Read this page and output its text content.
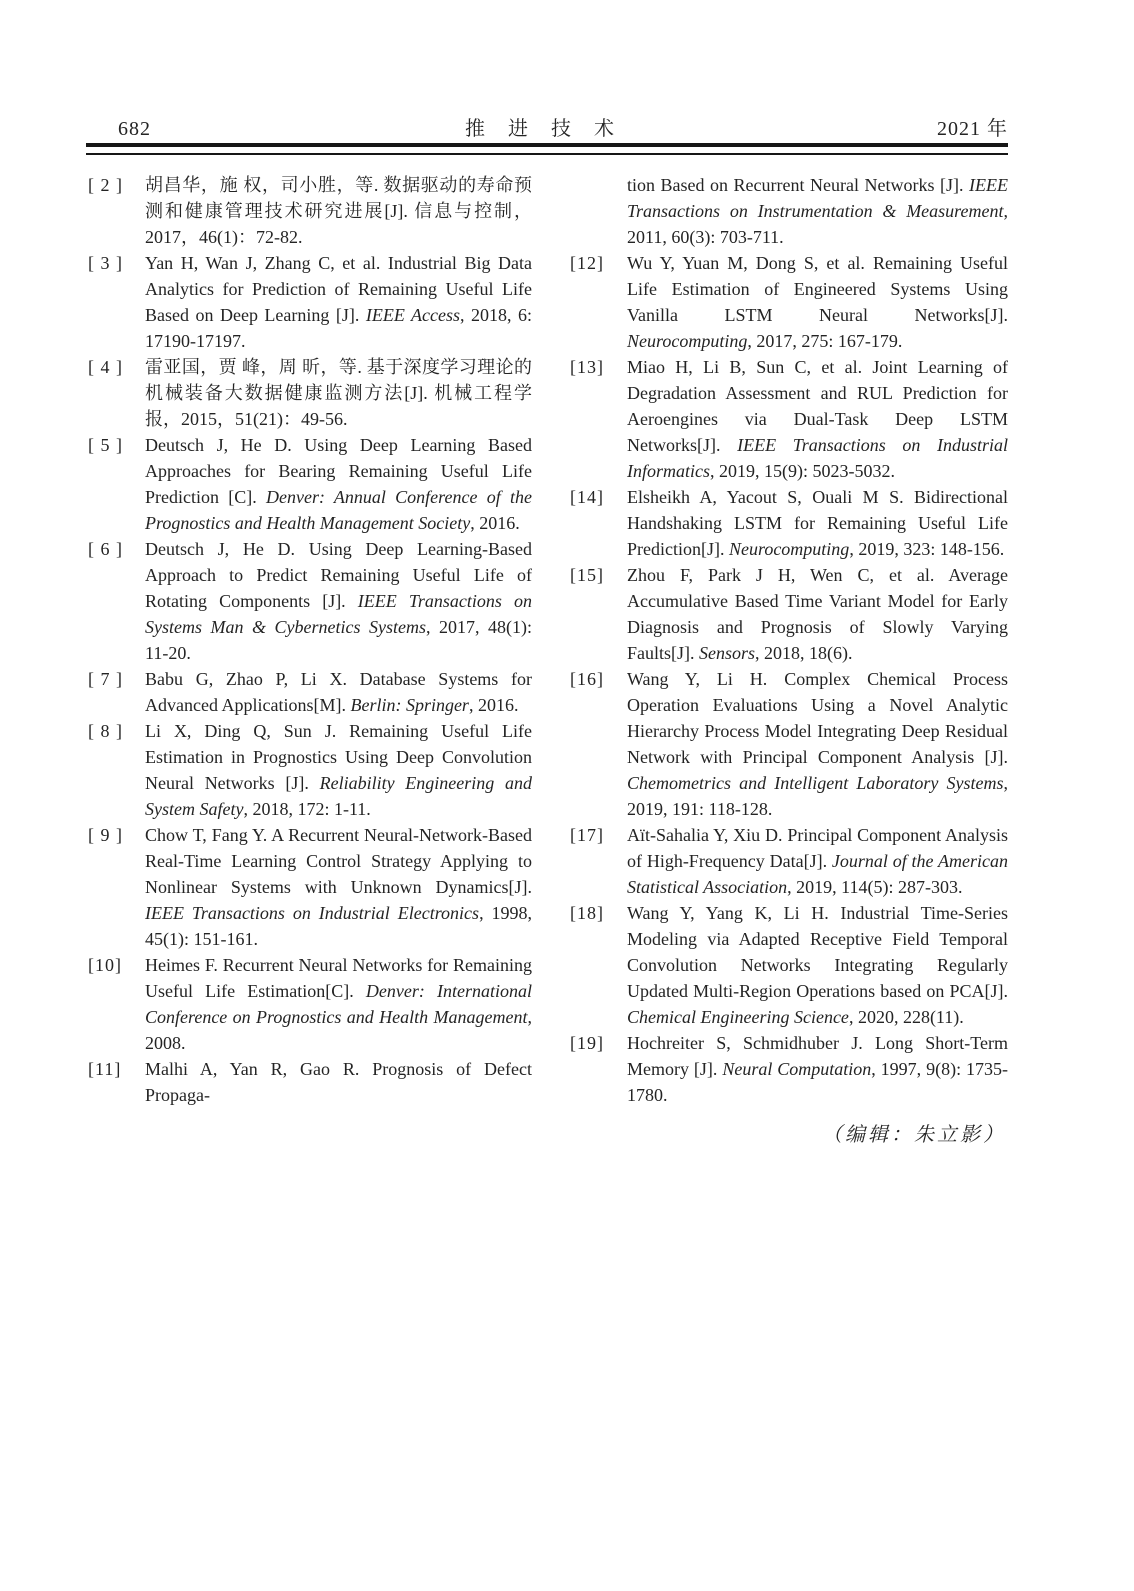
682	推 进 技 术	2021 年
[ 2 ]	胡昌华，施 权，司小胜，等. 数据驱动的寿命预测和健康管理技术研究进展[J]. 信息与控制，2017，46(1)：72-82.
[ 3 ]	Yan H, Wan J, Zhang C, et al. Industrial Big Data Analytics for Prediction of Remaining Useful Life Based on Deep Learning [J]. IEEE Access, 2018, 6: 17190-17197.
[ 4 ]	雷亚国，贾 峰，周 昕，等. 基于深度学习理论的机械装备大数据健康监测方法[J]. 机械工程学报，2015，51(21)：49-56.
[ 5 ]	Deutsch J, He D. Using Deep Learning Based Approaches for Bearing Remaining Useful Life Prediction [C]. Denver: Annual Conference of the Prognostics and Health Management Society, 2016.
[ 6 ]	Deutsch J, He D. Using Deep Learning-Based Approach to Predict Remaining Useful Life of Rotating Components [J]. IEEE Transactions on Systems Man & Cybernetics Systems, 2017, 48(1): 11-20.
[ 7 ]	Babu G, Zhao P, Li X. Database Systems for Advanced Applications[M]. Berlin: Springer, 2016.
[ 8 ]	Li X, Ding Q, Sun J. Remaining Useful Life Estimation in Prognostics Using Deep Convolution Neural Networks [J]. Reliability Engineering and System Safety, 2018, 172: 1-11.
[ 9 ]	Chow T, Fang Y. A Recurrent Neural-Network-Based Real-Time Learning Control Strategy Applying to Nonlinear Systems with Unknown Dynamics[J]. IEEE Transactions on Industrial Electronics, 1998, 45(1): 151-161.
[10]	Heimes F. Recurrent Neural Networks for Remaining Useful Life Estimation[C]. Denver: International Conference on Prognostics and Health Management, 2008.
[11]	Malhi A, Yan R, Gao R. Prognosis of Defect Propaga-
tion Based on Recurrent Neural Networks [J]. IEEE Transactions on Instrumentation & Measurement, 2011, 60(3): 703-711.
[12]	Wu Y, Yuan M, Dong S, et al. Remaining Useful Life Estimation of Engineered Systems Using Vanilla LSTM Neural Networks[J]. Neurocomputing, 2017, 275: 167-179.
[13]	Miao H, Li B, Sun C, et al. Joint Learning of Degradation Assessment and RUL Prediction for Aeroengines via Dual-Task Deep LSTM Networks[J]. IEEE Transactions on Industrial Informatics, 2019, 15(9): 5023-5032.
[14]	Elsheikh A, Yacout S, Ouali M S. Bidirectional Handshaking LSTM for Remaining Useful Life Prediction[J]. Neurocomputing, 2019, 323: 148-156.
[15]	Zhou F, Park J H, Wen C, et al. Average Accumulative Based Time Variant Model for Early Diagnosis and Prognosis of Slowly Varying Faults[J]. Sensors, 2018, 18(6).
[16]	Wang Y, Li H. Complex Chemical Process Operation Evaluations Using a Novel Analytic Hierarchy Process Model Integrating Deep Residual Network with Principal Component Analysis [J]. Chemometrics and Intelligent Laboratory Systems, 2019, 191: 118-128.
[17]	Aït-Sahalia Y, Xiu D. Principal Component Analysis of High-Frequency Data[J]. Journal of the American Statistical Association, 2019, 114(5): 287-303.
[18]	Wang Y, Yang K, Li H. Industrial Time-Series Modeling via Adapted Receptive Field Temporal Convolution Networks Integrating Regularly Updated Multi-Region Operations based on PCA[J]. Chemical Engineering Science, 2020, 228(11).
[19]	Hochreiter S, Schmidhuber J. Long Short-Term Memory [J]. Neural Computation, 1997, 9(8): 1735-1780.
（编辑：朱立影）
